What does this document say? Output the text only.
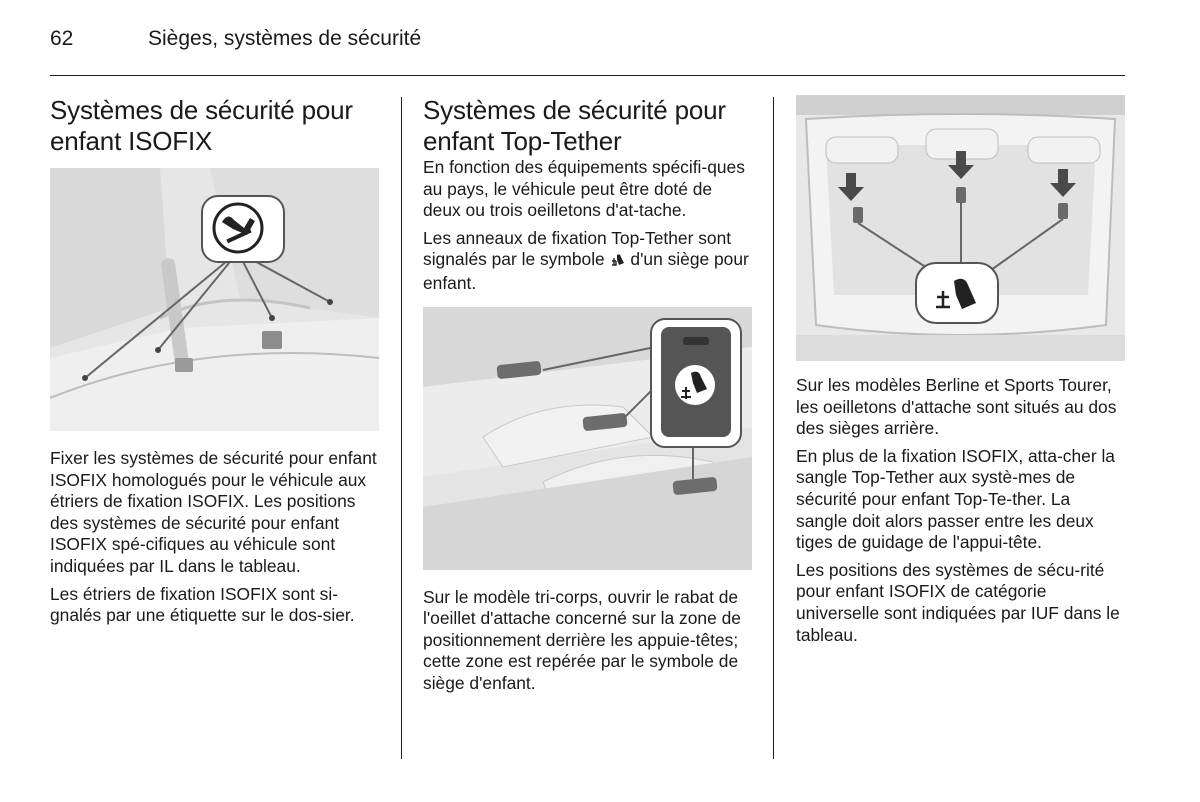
62	Sièges, systèmes de sécurité
Systèmes de sécurité pour enfant ISOFIX

Fixer les systèmes de sécurité pour enfant ISOFIX homologués pour le véhicule aux étriers de fixation ISOFIX. Les positions des systèmes de sécurité pour enfant ISOFIX spé-cifiques au véhicule sont indiquées par IL dans le tableau.

Les étriers de fixation ISOFIX sont si-gnalés par une étiquette sur le dos-sier.

Systèmes de sécurité pour enfant Top-Tether

En fonction des équipements spécifi-ques au pays, le véhicule peut être doté de deux ou trois oeilletons d'at-tache.

Les anneaux de fixation Top-Tether sont signalés par le symbole d'un siège pour enfant.

Sur le modèle tri-corps, ouvrir le rabat de l'oeillet d'attache concerné sur la zone de positionnement derrière les appuie-têtes; cette zone est repérée par le symbole de siège d'enfant.

Sur les modèles Berline et Sports Tourer, les oeilletons d'attache sont situés au dos des sièges arrière.

En plus de la fixation ISOFIX, atta-cher la sangle Top-Tether aux systè-mes de sécurité pour enfant Top-Te-ther. La sangle doit alors passer entre les deux tiges de guidage de l'appui-tête.

Les positions des systèmes de sécu-rité pour enfant ISOFIX de catégorie universelle sont indiquées par IUF dans le tableau.
